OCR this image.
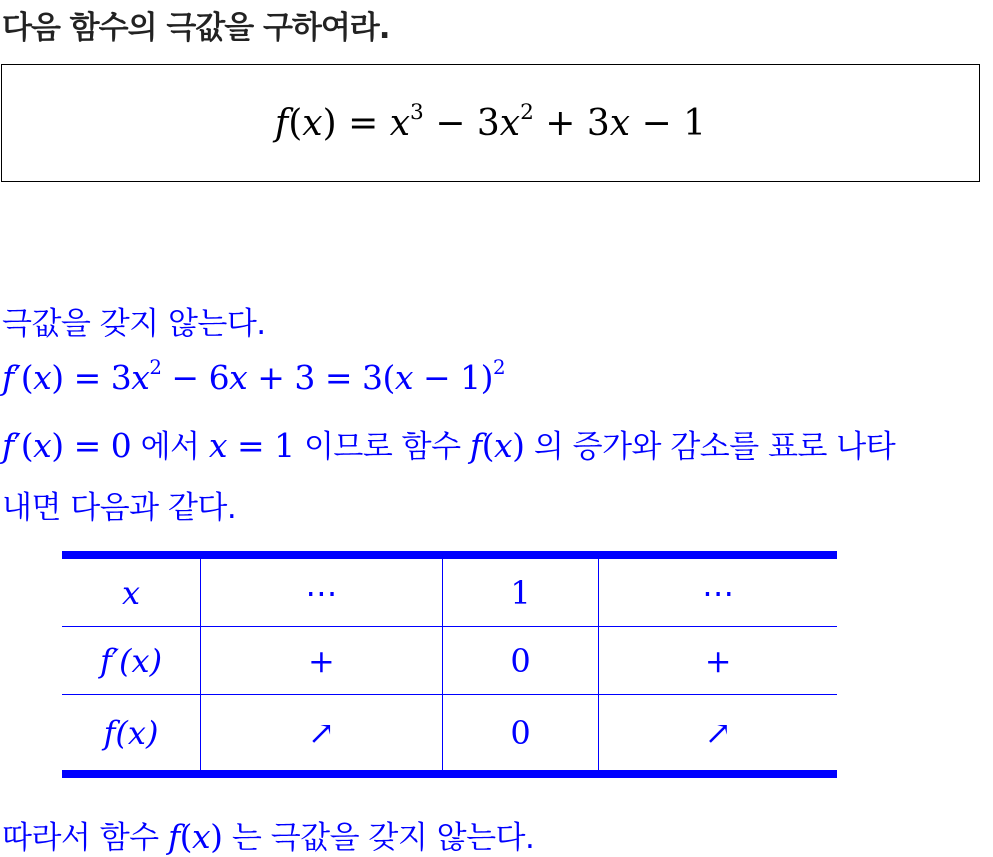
다음 함수의 극값을 구하여라.
$f(x) = x^3 - 3x^2 + 3x - 1$
극값을 갖지 않는다.
$f'(x) = 3x^2 - 6x + 3 = 3(x - 1)^2$
f′(x) = 0 에서 x = 1 이므로 함수 f(x) 의 증가와 감소를 표로 나타
내면 다음과 같다.
x	⋯	1	⋯
f′(x)	+	0	+
f(x)	↗	0	↗
따라서 함수 f(x) 는 극값을 갖지 않는다.
